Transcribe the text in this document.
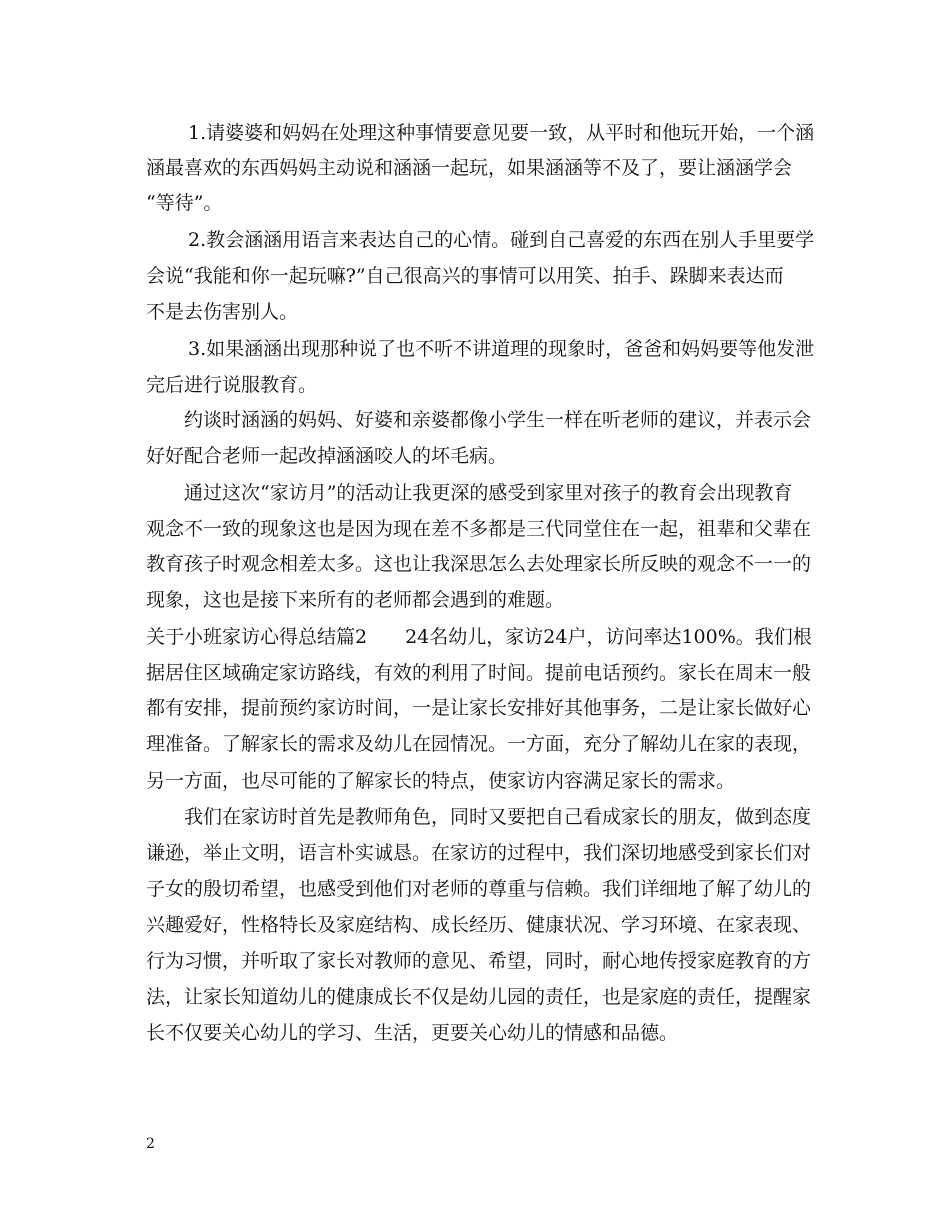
1.请婆婆和妈妈在处理这种事情要意见要一致，从平时和他玩开始，一个涵
涵最喜欢的东西妈妈主动说和涵涵一起玩，如果涵涵等不及了，要让涵涵学会
“等待”。
2.教会涵涵用语言来表达自己的心情。碰到自己喜爱的东西在别人手里要学
会说“我能和你一起玩嘛?”自己很高兴的事情可以用笑、拍手、跺脚来表达而
不是去伤害别人。
3.如果涵涵出现那种说了也不听不讲道理的现象时，爸爸和妈妈要等他发泄
完后进行说服教育。
约谈时涵涵的妈妈、好婆和亲婆都像小学生一样在听老师的建议，并表示会
好好配合老师一起改掉涵涵咬人的坏毛病。
通过这次“家访月”的活动让我更深的感受到家里对孩子的教育会出现教育
观念不一致的现象这也是因为现在差不多都是三代同堂住在一起，祖辈和父辈在
教育孩子时观念相差太多。这也让我深思怎么去处理家长所反映的观念不一一的
现象，这也是接下来所有的老师都会遇到的难题。
关于小班家访心得总结篇2　　24名幼儿，家访24户，访问率达100%。我们根
据居住区域确定家访路线，有效的利用了时间。提前电话预约。家长在周末一般
都有安排，提前预约家访时间，一是让家长安排好其他事务，二是让家长做好心
理准备。了解家长的需求及幼儿在园情况。一方面，充分了解幼儿在家的表现，
另一方面，也尽可能的了解家长的特点，使家访内容满足家长的需求。
我们在家访时首先是教师角色，同时又要把自己看成家长的朋友，做到态度
谦逊，举止文明，语言朴实诚恳。在家访的过程中，我们深切地感受到家长们对
子女的殷切希望，也感受到他们对老师的尊重与信赖。我们详细地了解了幼儿的
兴趣爱好，性格特长及家庭结构、成长经历、健康状况、学习环境、在家表现、
行为习惯，并听取了家长对教师的意见、希望，同时，耐心地传授家庭教育的方
法，让家长知道幼儿的健康成长不仅是幼儿园的责任，也是家庭的责任，提醒家
长不仅要关心幼儿的学习、生活，更要关心幼儿的情感和品德。
2
